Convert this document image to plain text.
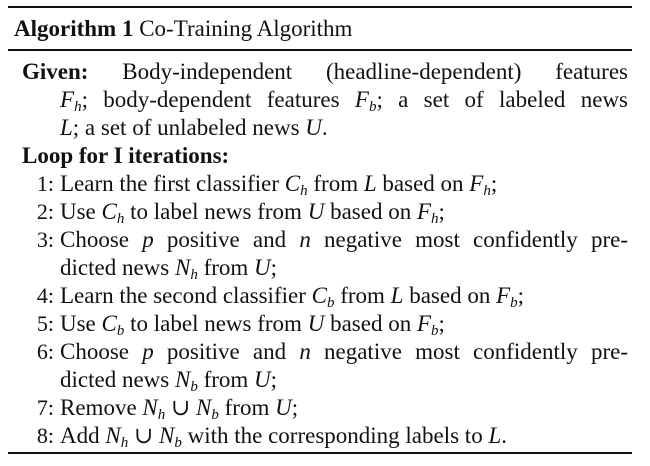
Algorithm 1 Co-Training Algorithm
Given: Body-independent (headline-dependent) features
$F_h$; body-dependent features $F_b$; a set of labeled news
L; a set of unlabeled news U.
Loop for I iterations:
1: Learn the first classifier $C_h$ from L based on $F_h$;
2: Use $C_h$ to label news from U based on $F_h$;
3: Choose p positive and n negative most confidently pre-
dicted news $N_h$ from U;
4: Learn the second classifier $C_b$ from L based on $F_b$;
5: Use $C_b$ to label news from U based on $F_b$;
6: Choose p positive and n negative most confidently pre-
dicted news $N_b$ from U;
7: Remove $N_h$ ∪ $N_b$ from U;
8: Add $N_h$ ∪ $N_b$ with the corresponding labels to L.
